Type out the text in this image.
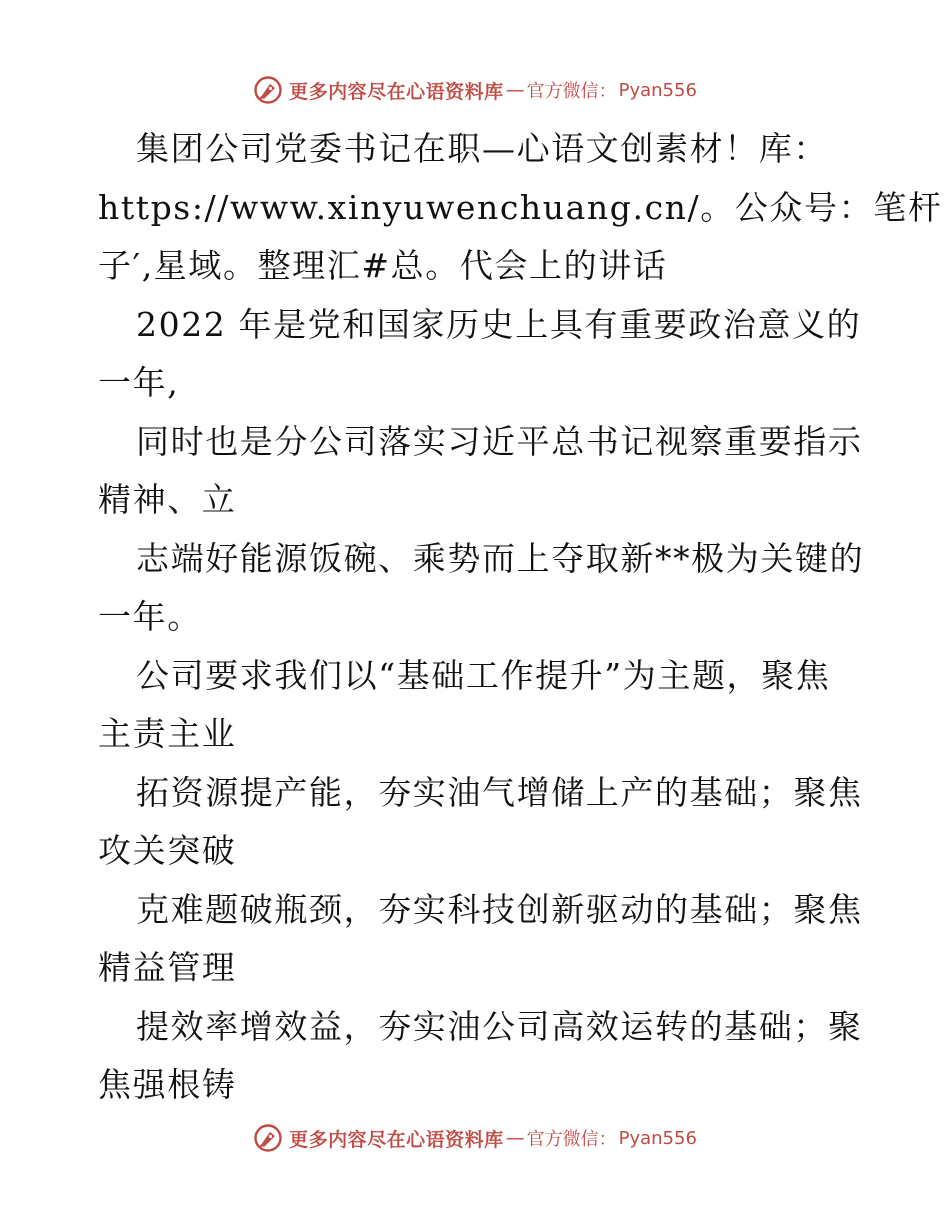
更多内容尽在心语资料库 — 官方微信： Pyan556
集团公司党委书记在职—心语文创素材！库：
https://www.xinyuwenchuang.cn/。公众号：笔杆
子′,星域。整理汇#总。代会上的讲话
2022 年是党和国家历史上具有重要政治意义的
一年,
同时也是分公司落实习近平总书记视察重要指示
精神、立
志端好能源饭碗、乘势而上夺取新**极为关键的
一年。
公司要求我们以“基础工作提升”为主题，聚焦
主责主业
拓资源提产能，夯实油气增储上产的基础；聚焦
攻关突破
克难题破瓶颈，夯实科技创新驱动的基础；聚焦
精益管理
提效率增效益，夯实油公司高效运转的基础；聚
焦强根铸
更多内容尽在心语资料库 — 官方微信： Pyan556
